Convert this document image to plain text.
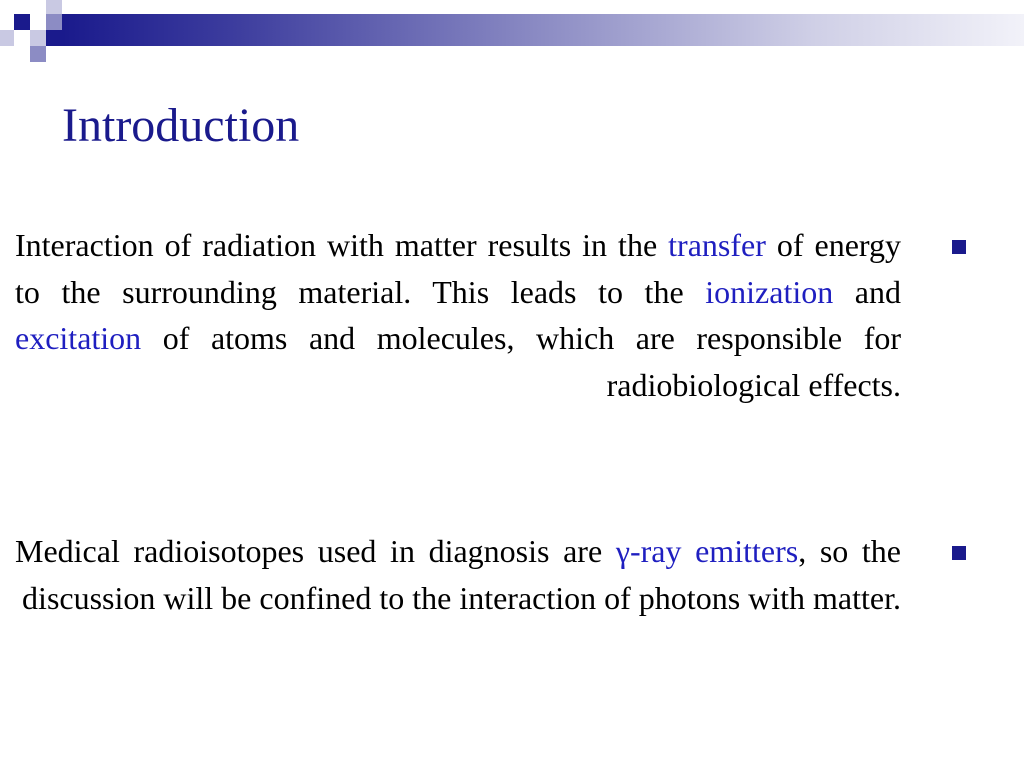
Introduction

Interaction of radiation with matter results in the transfer of energy to the surrounding material. This leads to the ionization and excitation of atoms and molecules, which are responsible for radiobiological effects.

Medical radioisotopes used in diagnosis are γ-ray emitters, so the discussion will be confined to the interaction of photons with matter.
